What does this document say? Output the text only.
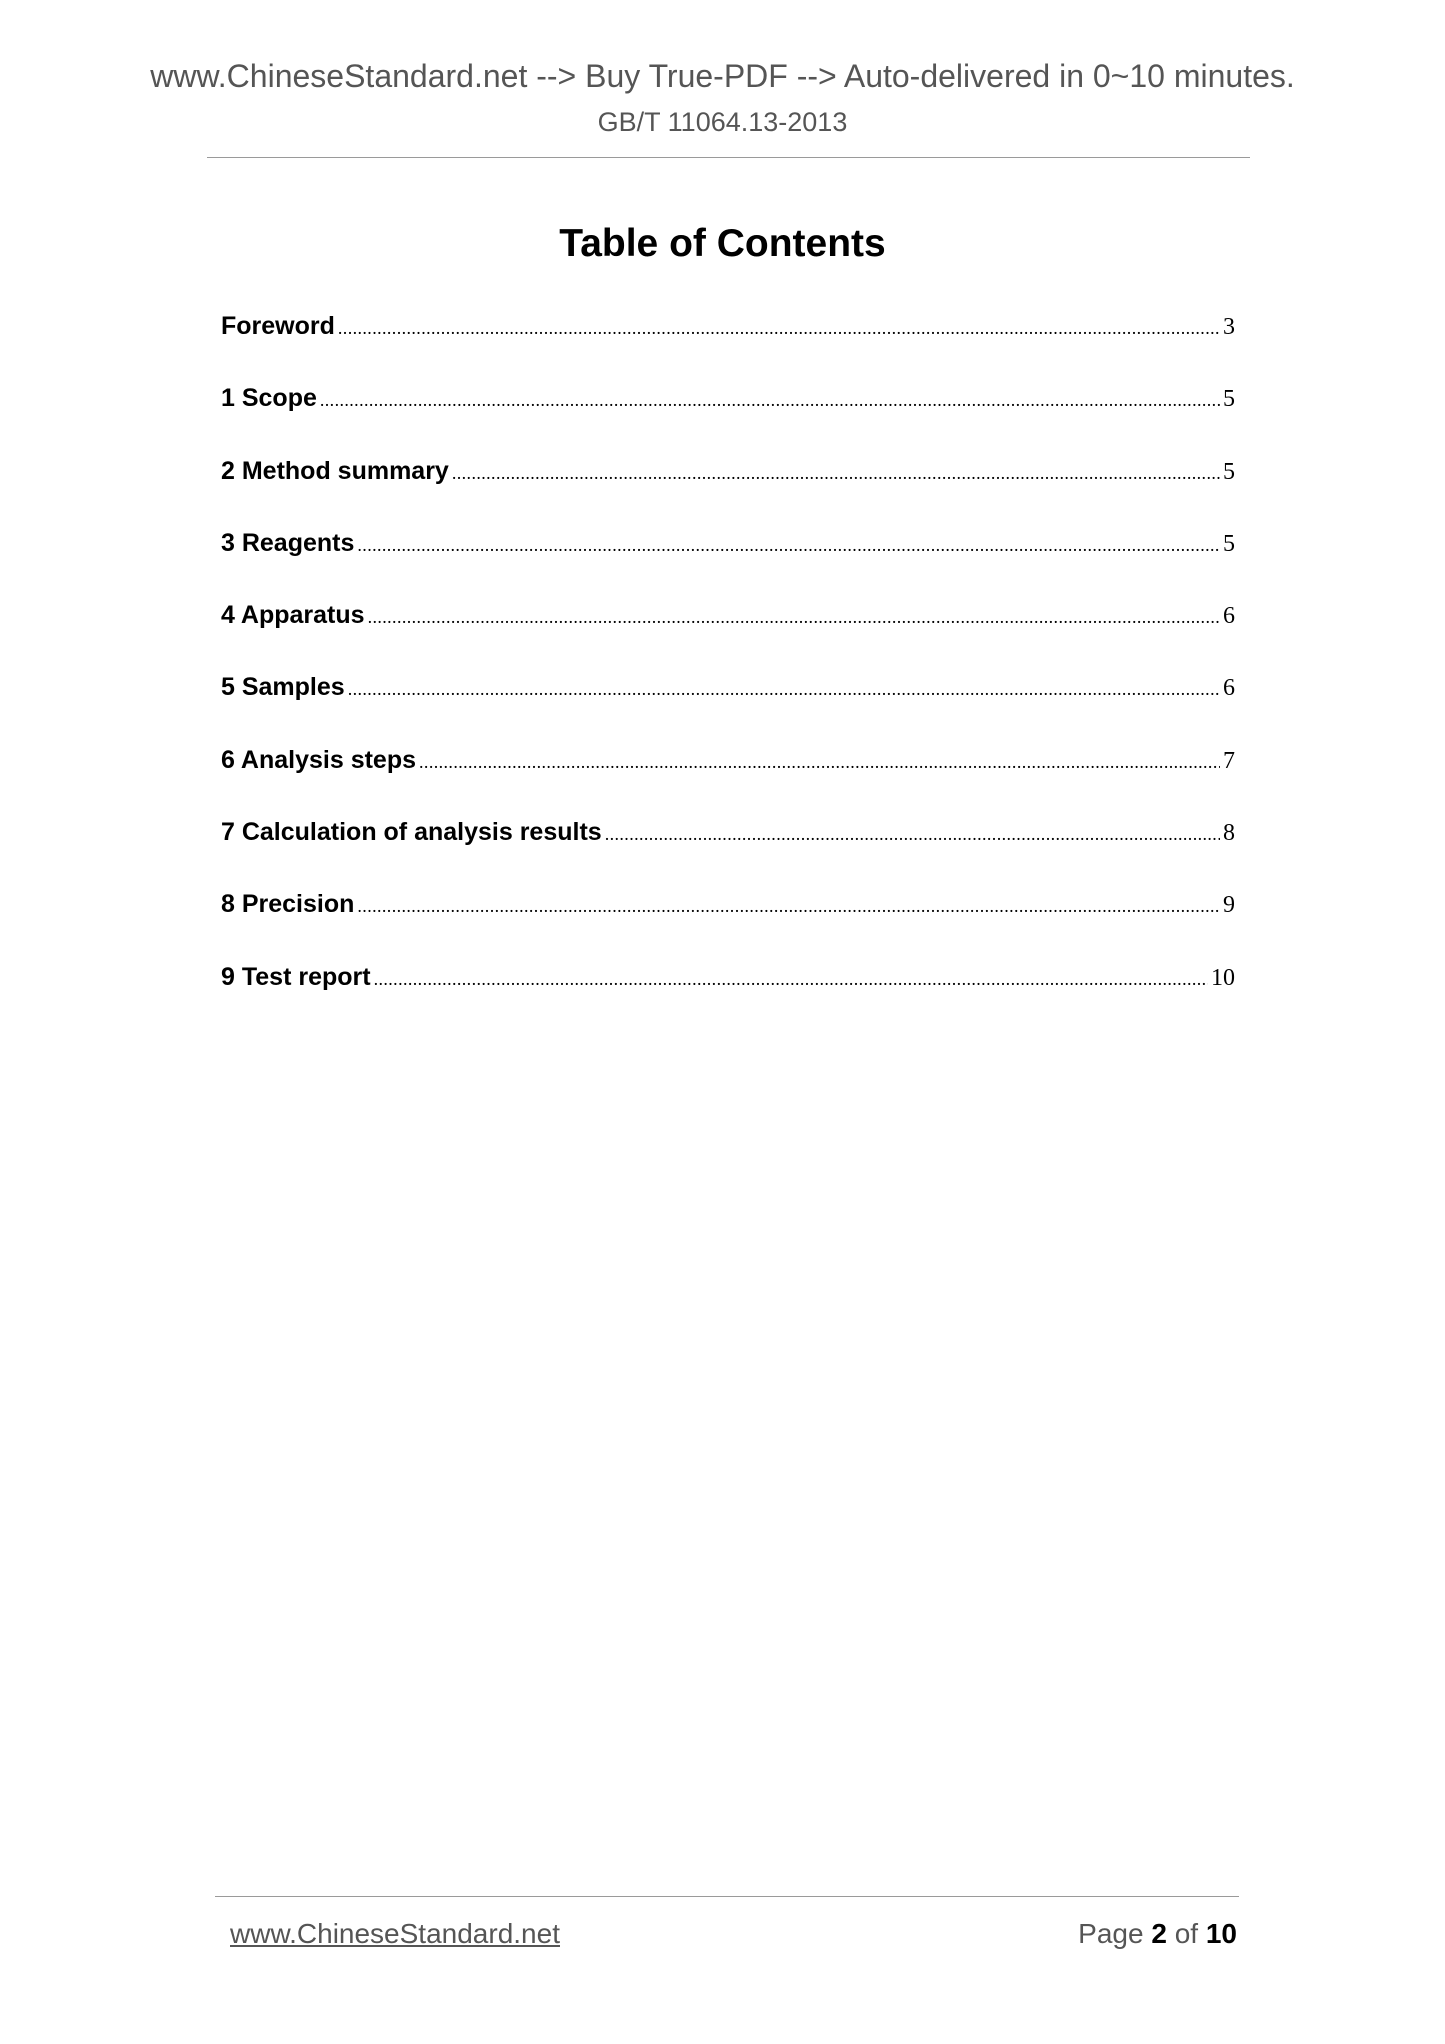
www.ChineseStandard.net --> Buy True-PDF --> Auto-delivered in 0~10 minutes.
GB/T 11064.13-2013
Table of Contents
Foreword .....	3
1 Scope .....	5
2 Method summary .....	5
3 Reagents .....	5
4 Apparatus .....	6
5 Samples .....	6
6 Analysis steps .....	7
7 Calculation of analysis results .....	8
8 Precision .....	9
9 Test report .....	10
www.ChineseStandard.net	Page 2 of 10
